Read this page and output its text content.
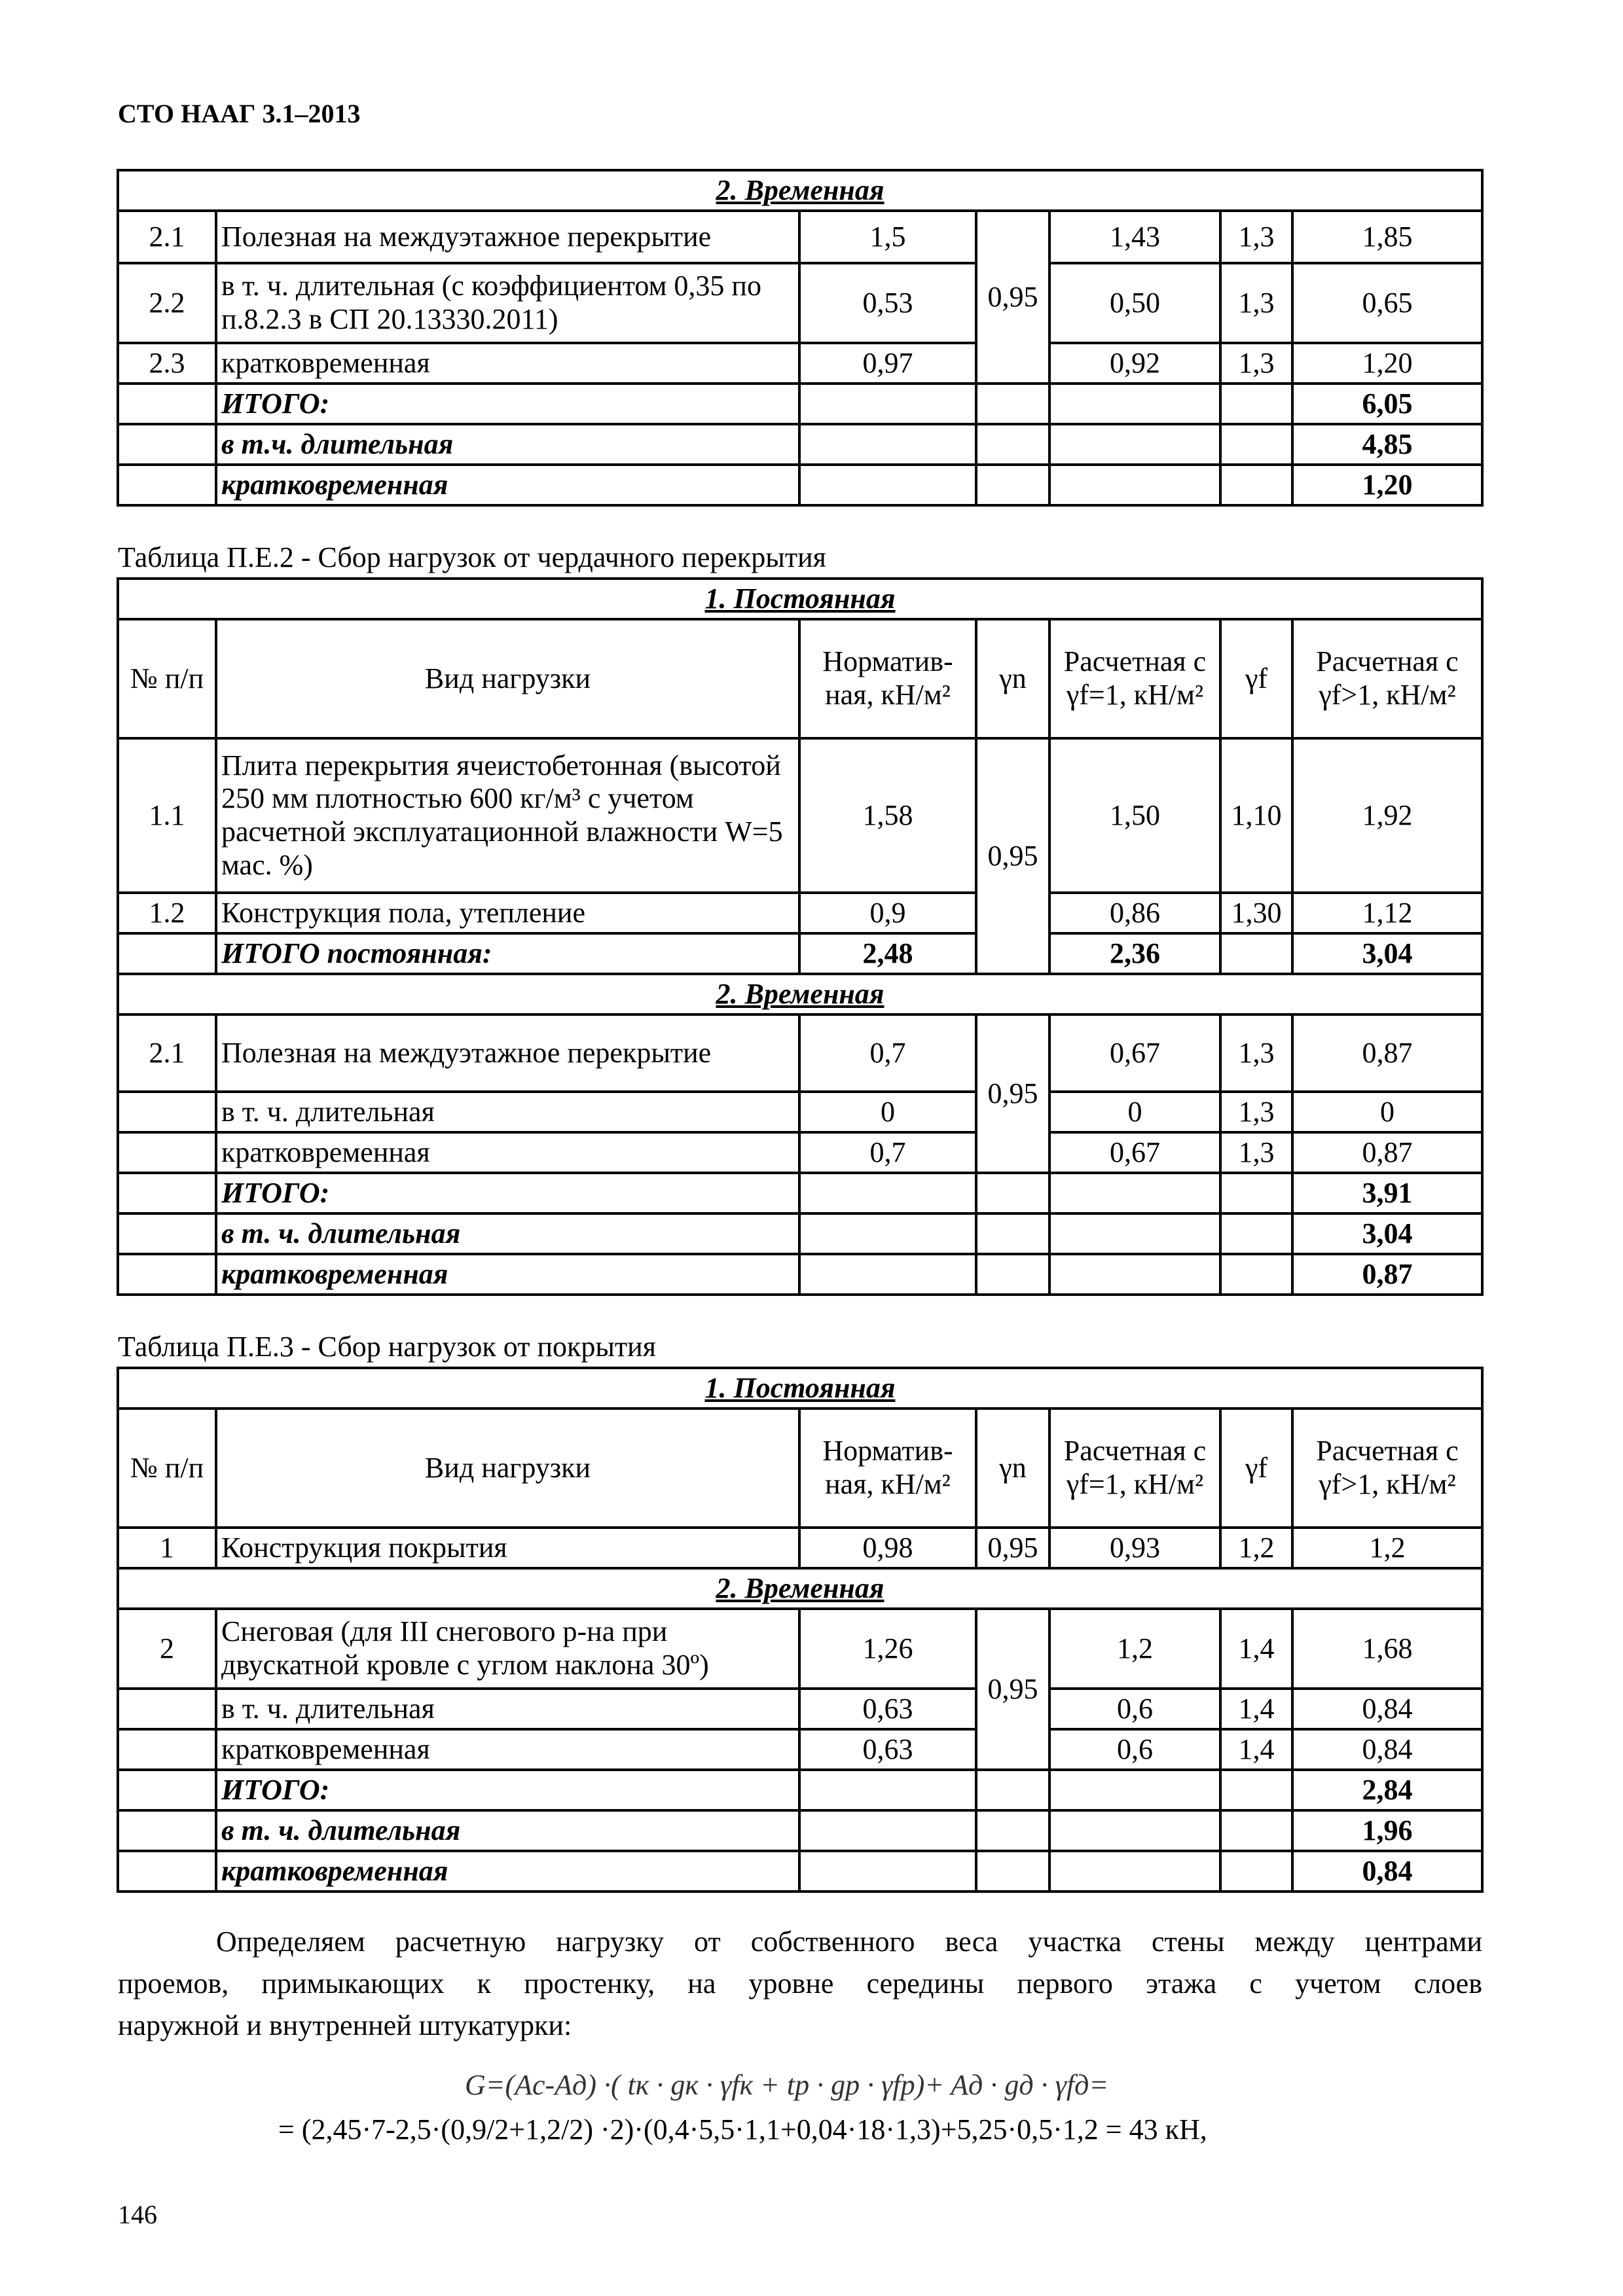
СТО НААГ 3.1–2013
2. Временная						
2.1	Полезная на междуэтажное перекрытие	1,5	0,95	1,43	1,3	1,85
2.2	в т. ч. длительная (с коэффициентом 0,35 по п.8.2.3 в СП 20.13330.2011)	0,53		0,50	1,3	0,65
2.3	кратковременная	0,97		0,92	1,3	1,20
	ИТОГО:					6,05
	в т.ч. длительная					4,85
	кратковременная					1,20
Таблица П.Е.2 - Сбор нагрузок от чердачного перекрытия
1. Постоянная						
№ п/п	Вид нагрузки	Норматив-ная, кН/м²	γn	Расчетная с γf=1, кН/м²	γf	Расчетная с γf>1, кН/м²
1.1	Плита перекрытия ячеистобетонная (высотой 250 мм плотностью 600 кг/м³ с учетом расчетной эксплуатационной влажности W=5 мас. %)	1,58	0,95	1,50	1,10	1,92
1.2	Конструкция пола, утепление	0,9		0,86	1,30	1,12
	ИТОГО постоянная:	2,48		2,36		3,04
2. Временная						
2.1	Полезная на междуэтажное перекрытие	0,7	0,95	0,67	1,3	0,87
	в т. ч. длительная	0		0	1,3	0
	кратковременная	0,7		0,67	1,3	0,87
	ИТОГО:					3,91
	в т. ч. длительная					3,04
	кратковременная					0,87
Таблица П.Е.3 - Сбор нагрузок от покрытия
1. Постоянная						
№ п/п	Вид нагрузки	Норматив-ная, кН/м²	γn	Расчетная с γf=1, кН/м²	γf	Расчетная с γf>1, кН/м²
1	Конструкция покрытия	0,98	0,95	0,93	1,2	1,2
2. Временная						
2	Снеговая (для III снегового р-на при двускатной кровле с углом наклона 30º)	1,26	0,95	1,2	1,4	1,68
	в т. ч. длительная	0,63		0,6	1,4	0,84
	кратковременная	0,63		0,6	1,4	0,84
	ИТОГО:					2,84
	в т. ч. длительная					1,96
	кратковременная					0,84
Определяем расчетную нагрузку от собственного веса участка стены между центрами
проемов, примыкающих к простенку, на уровне середины первого этажа с учетом слоев
наружной и внутренней штукатурки:
G=(Ac-Aд) ·( tк · gк · γfк + tр · gр · γfр)+ Aд · gд · γfд=
= (2,45·7-2,5·(0,9/2+1,2/2) ·2)·(0,4·5,5·1,1+0,04·18·1,3)+5,25·0,5·1,2 = 43 кН,
146
